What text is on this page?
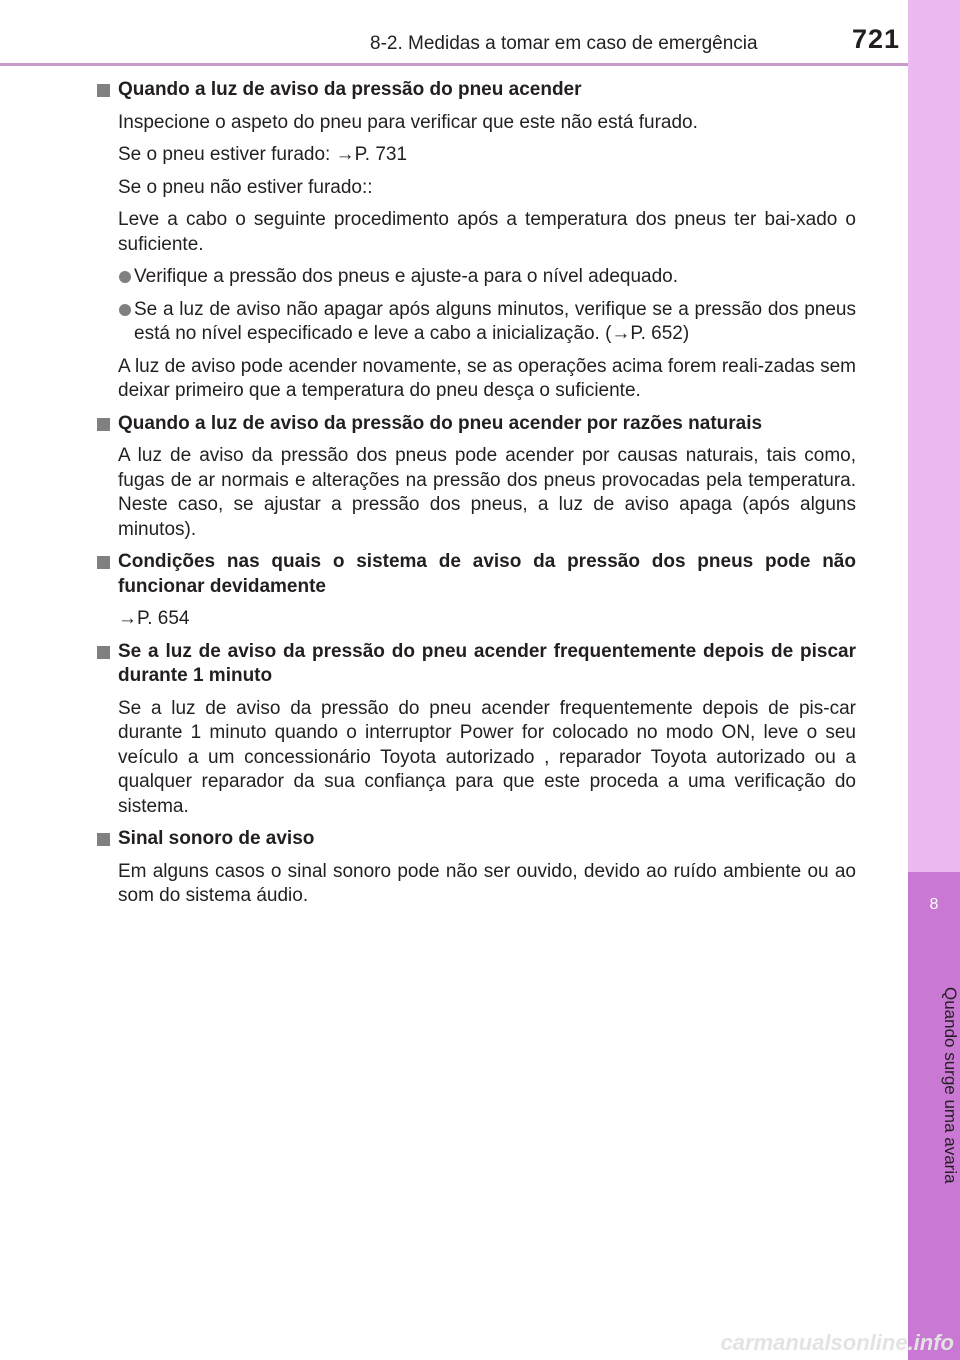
8-2. Medidas a tomar em caso de emergência	721
8
Quando surge uma avaria
Quando a luz de aviso da pressão do pneu acender
Inspecione o aspeto do pneu para verificar que este não está furado.
Se o pneu estiver furado: →P. 731
Se o pneu não estiver furado::
Leve a cabo o seguinte procedimento após a temperatura dos pneus ter bai-xado o suficiente.
Verifique a pressão dos pneus e ajuste-a para o nível adequado.
Se a luz de aviso não apagar após alguns minutos, verifique se a pressão dos pneus está no nível especificado e leve a cabo a inicialização. (→P. 652)
A luz de aviso pode acender novamente, se as operações acima forem reali-zadas sem deixar primeiro que a temperatura do pneu desça o suficiente.
Quando a luz de aviso da pressão do pneu acender por razões naturais
A luz de aviso da pressão dos pneus pode acender por causas naturais, tais como, fugas de ar normais e alterações na pressão dos pneus provocadas pela temperatura. Neste caso, se ajustar a pressão dos pneus, a luz de aviso apaga (após alguns minutos).
Condições nas quais o sistema de aviso da pressão dos pneus pode não funcionar devidamente
→P. 654
Se a luz de aviso da pressão do pneu acender frequentemente depois de piscar durante 1 minuto
Se a luz de aviso da pressão do pneu acender frequentemente depois de pis-car durante 1 minuto quando o interruptor Power for colocado no modo ON, leve o seu veículo a um concessionário Toyota autorizado , reparador Toyota autorizado ou a qualquer reparador da sua confiança para que este proceda a uma verificação do sistema.
Sinal sonoro de aviso
Em alguns casos o sinal sonoro pode não ser ouvido, devido ao ruído ambiente ou ao som do sistema áudio.
carmanualsonline.info
